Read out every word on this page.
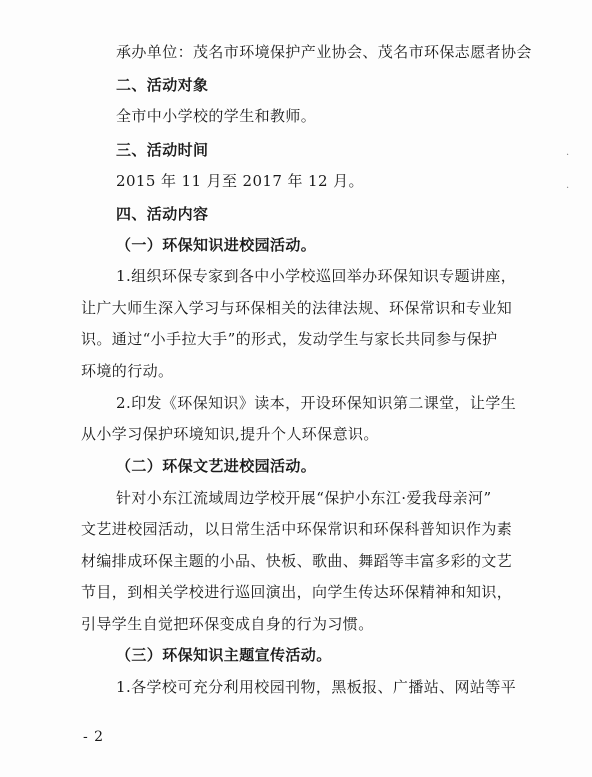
承办单位：茂名市环境保护产业协会、茂名市环保志愿者协会
二、活动对象
全市中小学校的学生和教师。
三、活动时间
2015 年 11 月至 2017 年 12 月。
四、活动内容
（一）环保知识进校园活动。
1.组织环保专家到各中小学校巡回举办环保知识专题讲座，
让广大师生深入学习与环保相关的法律法规、环保常识和专业知
识。通过“小手拉大手”的形式，发动学生与家长共同参与保护
环境的行动。
2.印发《环保知识》读本，开设环保知识第二课堂，让学生
从小学习保护环境知识,提升个人环保意识。
（二）环保文艺进校园活动。
针对小东江流域周边学校开展“保护小东江·爱我母亲河”
文艺进校园活动，以日常生活中环保常识和环保科普知识作为素
材编排成环保主题的小品、快板、歌曲、舞蹈等丰富多彩的文艺
节目，到相关学校进行巡回演出，向学生传达环保精神和知识，
引导学生自觉把环保变成自身的行为习惯。
（三）环保知识主题宣传活动。
1.各学校可充分利用校园刊物，黑板报、广播站、网站等平
- 2
·
·
